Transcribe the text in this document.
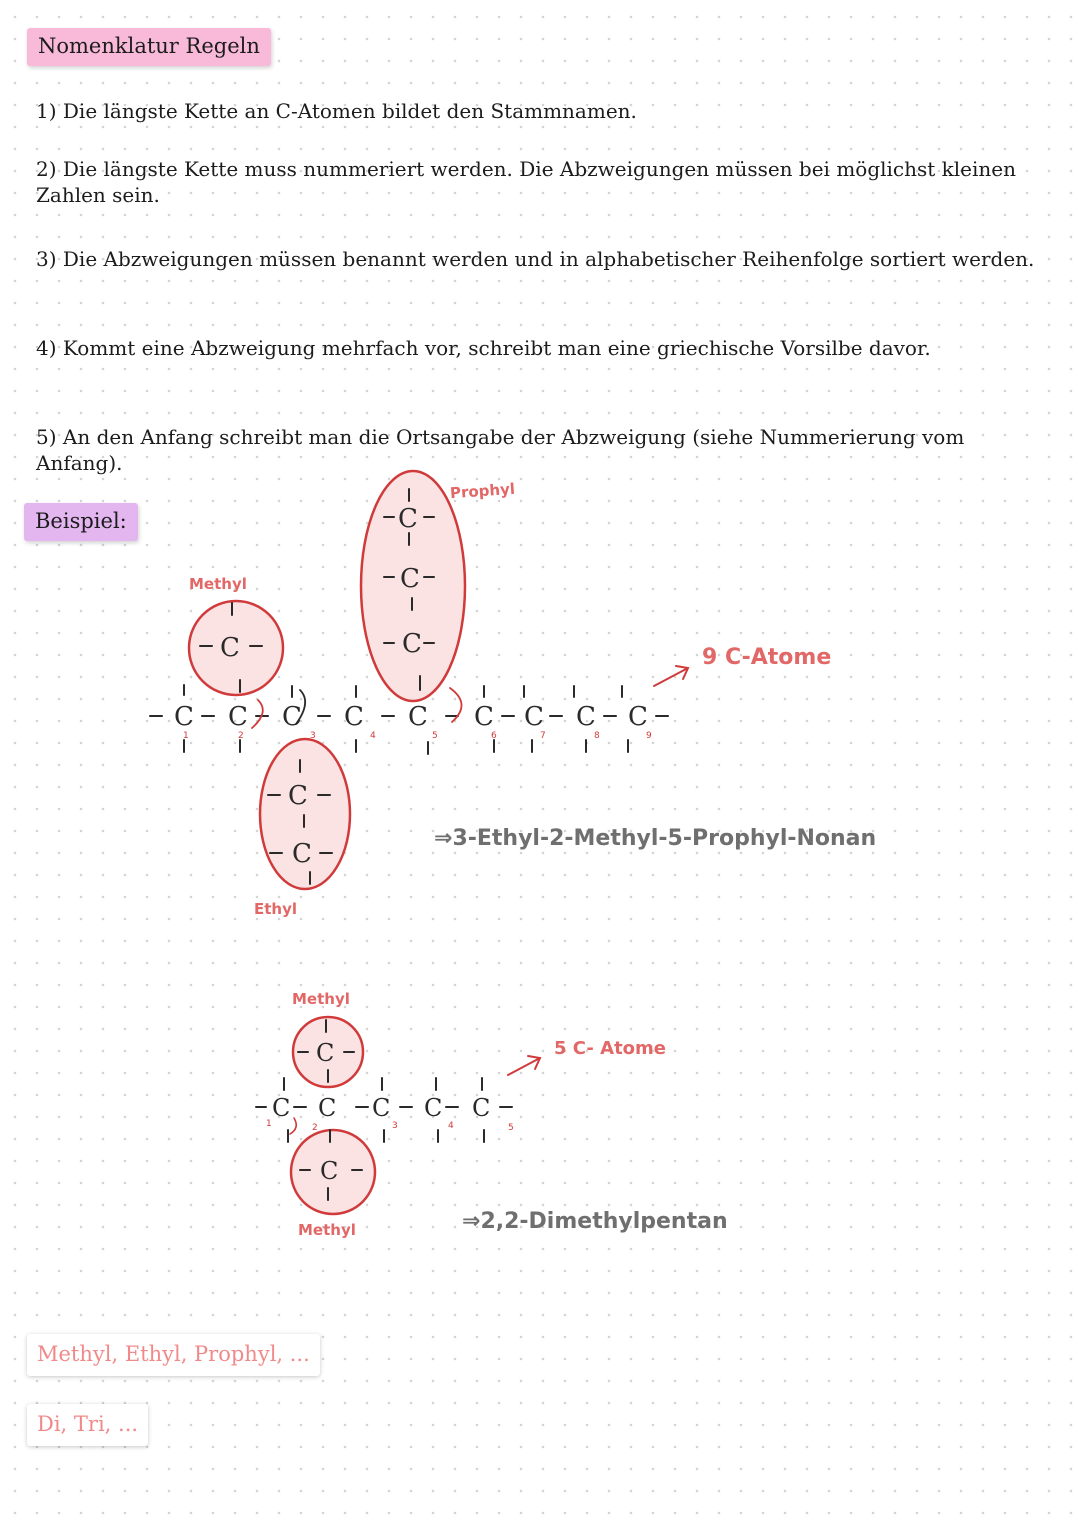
Nomenklatur Regeln

1) Die längste Kette an C-Atomen bildet den Stammnamen.

2) Die längste Kette muss nummeriert werden. Die Abzweigungen müssen bei möglichst kleinen Zahlen sein.

3) Die Abzweigungen müssen benannt werden und in alphabetischer Reihenfolge sortiert werden.

4) Kommt eine Abzweigung mehrfach vor, schreibt man eine griechische Vorsilbe davor.

5) An den Anfang schreibt man die Ortsangabe der Abzweigung (siehe Nummerierung vom Anfang).

Beispiel:
C C C C C C C C C
C
C
C
C
C
C
1	2	3	4	5	6	7	8	9
C C C C C
C
C
1	2	3	4	5
Methyl
Prophyl
Ethyl
9 C-Atome
⇒3-Ethyl-2-Methyl-5-Prophyl-Nonan
Methyl
Methyl
5 C- Atome
⇒2,2-Dimethylpentan
Methyl, Ethyl, Prophyl, ...
Di, Tri, ...
